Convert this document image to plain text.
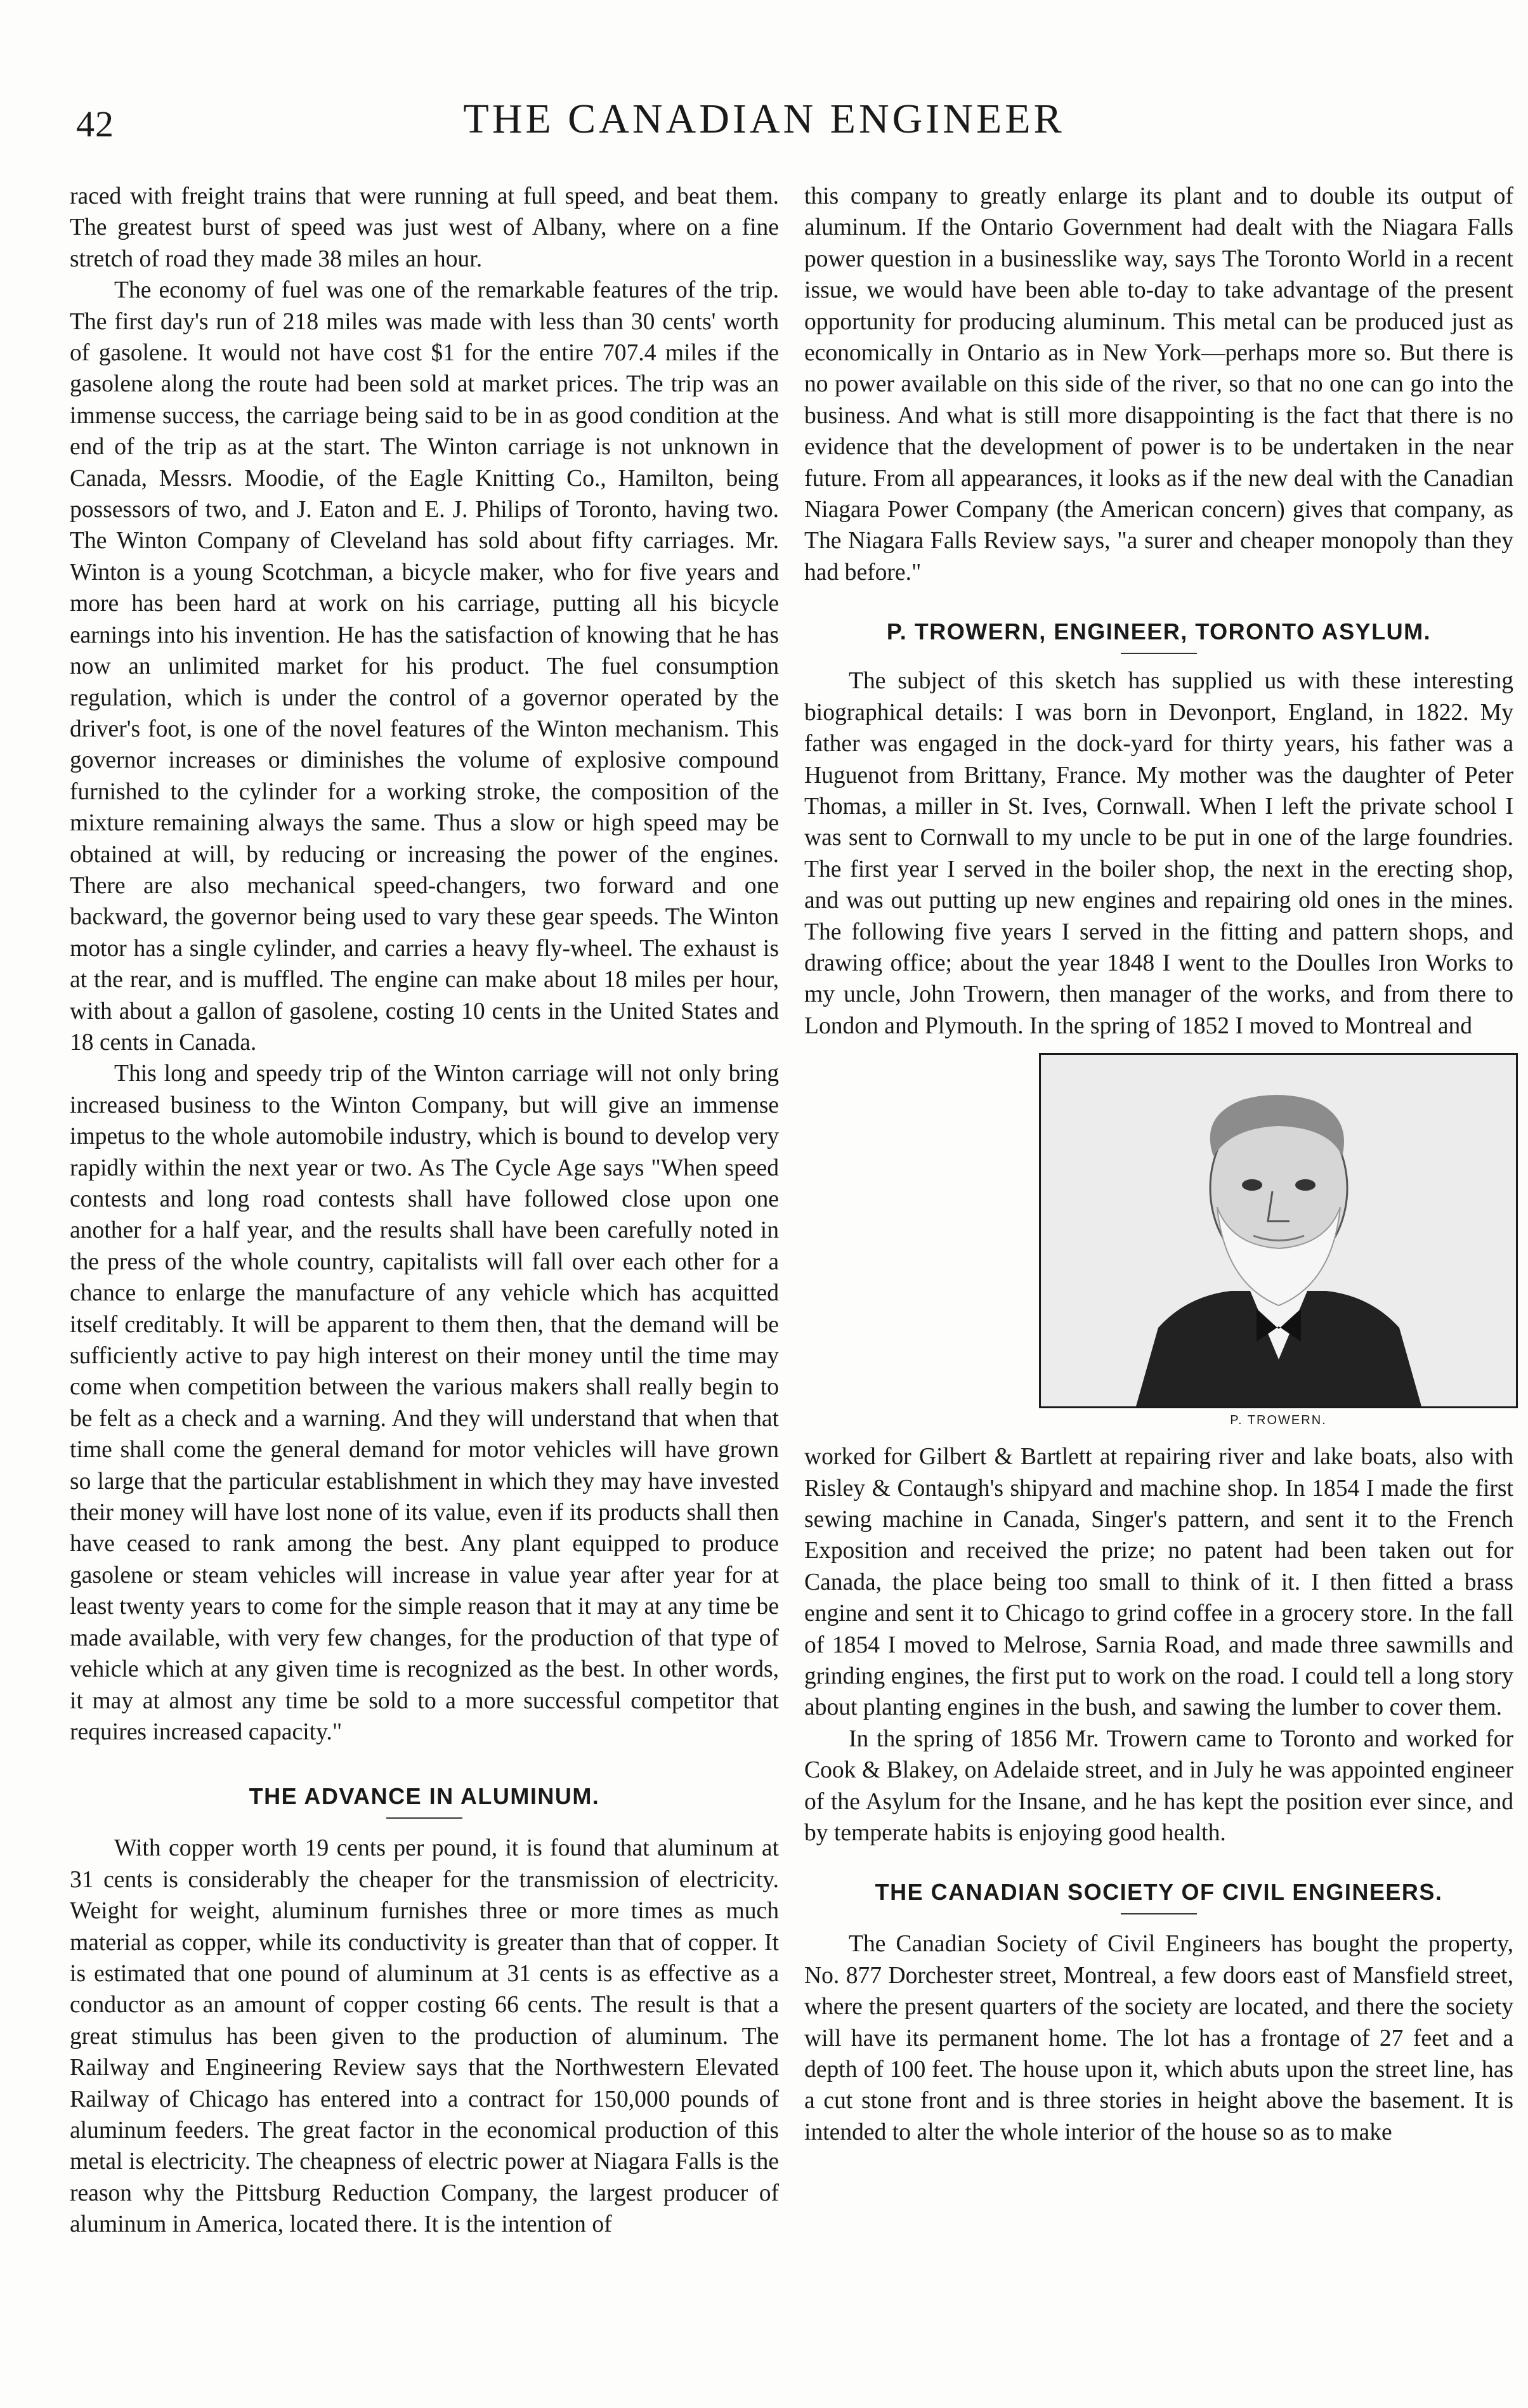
42	THE CANADIAN ENGINEER

raced with freight trains that were running at full speed, and beat them. The greatest burst of speed was just west of Albany, where on a fine stretch of road they made 38 miles an hour.

The economy of fuel was one of the remarkable features of the trip. The first day's run of 218 miles was made with less than 30 cents' worth of gasolene. It would not have cost $1 for the entire 707.4 miles if the gasolene along the route had been sold at market prices. The trip was an immense success, the carriage being said to be in as good condition at the end of the trip as at the start. The Winton carriage is not unknown in Canada, Messrs. Moodie, of the Eagle Knitting Co., Hamilton, being possessors of two, and J. Eaton and E. J. Philips of Toronto, having two. The Winton Company of Cleveland has sold about fifty carriages. Mr. Winton is a young Scotchman, a bicycle maker, who for five years and more has been hard at work on his carriage, putting all his bicycle earnings into his invention. He has the satisfaction of knowing that he has now an unlimited market for his product. The fuel consumption regulation, which is under the control of a governor operated by the driver's foot, is one of the novel features of the Winton mechanism. This governor increases or diminishes the volume of explosive compound furnished to the cylinder for a working stroke, the composition of the mixture remaining always the same. Thus a slow or high speed may be obtained at will, by reducing or increasing the power of the engines. There are also mechanical speed-changers, two forward and one backward, the governor being used to vary these gear speeds. The Winton motor has a single cylinder, and carries a heavy fly-wheel. The exhaust is at the rear, and is muffled. The engine can make about 18 miles per hour, with about a gallon of gasolene, costing 10 cents in the United States and 18 cents in Canada.

This long and speedy trip of the Winton carriage will not only bring increased business to the Winton Company, but will give an immense impetus to the whole automobile industry, which is bound to develop very rapidly within the next year or two. As The Cycle Age says "When speed contests and long road contests shall have followed close upon one another for a half year, and the results shall have been carefully noted in the press of the whole country, capitalists will fall over each other for a chance to enlarge the manufacture of any vehicle which has acquitted itself creditably. It will be apparent to them then, that the demand will be sufficiently active to pay high interest on their money until the time may come when competition between the various makers shall really begin to be felt as a check and a warning. And they will understand that when that time shall come the general demand for motor vehicles will have grown so large that the particular establishment in which they may have invested their money will have lost none of its value, even if its products shall then have ceased to rank among the best. Any plant equipped to produce gasolene or steam vehicles will increase in value year after year for at least twenty years to come for the simple reason that it may at any time be made available, with very few changes, for the production of that type of vehicle which at any given time is recognized as the best. In other words, it may at almost any time be sold to a more successful competitor that requires increased capacity."

THE ADVANCE IN ALUMINUM.

With copper worth 19 cents per pound, it is found that aluminum at 31 cents is considerably the cheaper for the transmission of electricity. Weight for weight, aluminum furnishes three or more times as much material as copper, while its conductivity is greater than that of copper. It is estimated that one pound of aluminum at 31 cents is as effective as a conductor as an amount of copper costing 66 cents. The result is that a great stimulus has been given to the production of aluminum. The Railway and Engineering Review says that the Northwestern Elevated Railway of Chicago has entered into a contract for 150,000 pounds of aluminum feeders. The great factor in the economical production of this metal is electricity. The cheapness of electric power at Niagara Falls is the reason why the Pittsburg Reduction Company, the largest producer of aluminum in America, located there. It is the intention of

this company to greatly enlarge its plant and to double its output of aluminum. If the Ontario Government had dealt with the Niagara Falls power question in a businesslike way, says The Toronto World in a recent issue, we would have been able to-day to take advantage of the present opportunity for producing aluminum. This metal can be produced just as economically in Ontario as in New York—perhaps more so. But there is no power available on this side of the river, so that no one can go into the business. And what is still more disappointing is the fact that there is no evidence that the development of power is to be undertaken in the near future. From all appearances, it looks as if the new deal with the Canadian Niagara Power Company (the American concern) gives that company, as The Niagara Falls Review says, "a surer and cheaper monopoly than they had before."

P. TROWERN, ENGINEER, TORONTO ASYLUM.

The subject of this sketch has supplied us with these interesting biographical details: I was born in Devonport, England, in 1822. My father was engaged in the dock-yard for thirty years, his father was a Huguenot from Brittany, France. My mother was the daughter of Peter Thomas, a miller in St. Ives, Cornwall. When I left the private school I was sent to Cornwall to my uncle to be put in one of the large foundries. The first year I served in the boiler shop, the next in the erecting shop, and was out putting up new engines and repairing old ones in the mines. The following five years I served in the fitting and pattern shops, and drawing office; about the year 1848 I went to the Doulles Iron Works to my uncle, John Trowern, then manager of the works, and from there to London and Plymouth. In the spring of 1852 I moved to Montreal and

P. TROWERN.

worked for Gilbert & Bartlett at repairing river and lake boats, also with Risley & Contaugh's shipyard and machine shop. In 1854 I made the first sewing machine in Canada, Singer's pattern, and sent it to the French Exposition and received the prize; no patent had been taken out for Canada, the place being too small to think of it. I then fitted a brass engine and sent it to Chicago to grind coffee in a grocery store. In the fall of 1854 I moved to Melrose, Sarnia Road, and made three sawmills and grinding engines, the first put to work on the road. I could tell a long story about planting engines in the bush, and sawing the lumber to cover them.

In the spring of 1856 Mr. Trowern came to Toronto and worked for Cook & Blakey, on Adelaide street, and in July he was appointed engineer of the Asylum for the Insane, and he has kept the position ever since, and by temperate habits is enjoying good health.

THE CANADIAN SOCIETY OF CIVIL ENGINEERS.

The Canadian Society of Civil Engineers has bought the property, No. 877 Dorchester street, Montreal, a few doors east of Mansfield street, where the present quarters of the society are located, and there the society will have its permanent home. The lot has a frontage of 27 feet and a depth of 100 feet. The house upon it, which abuts upon the street line, has a cut stone front and is three stories in height above the basement. It is intended to alter the whole interior of the house so as to make
